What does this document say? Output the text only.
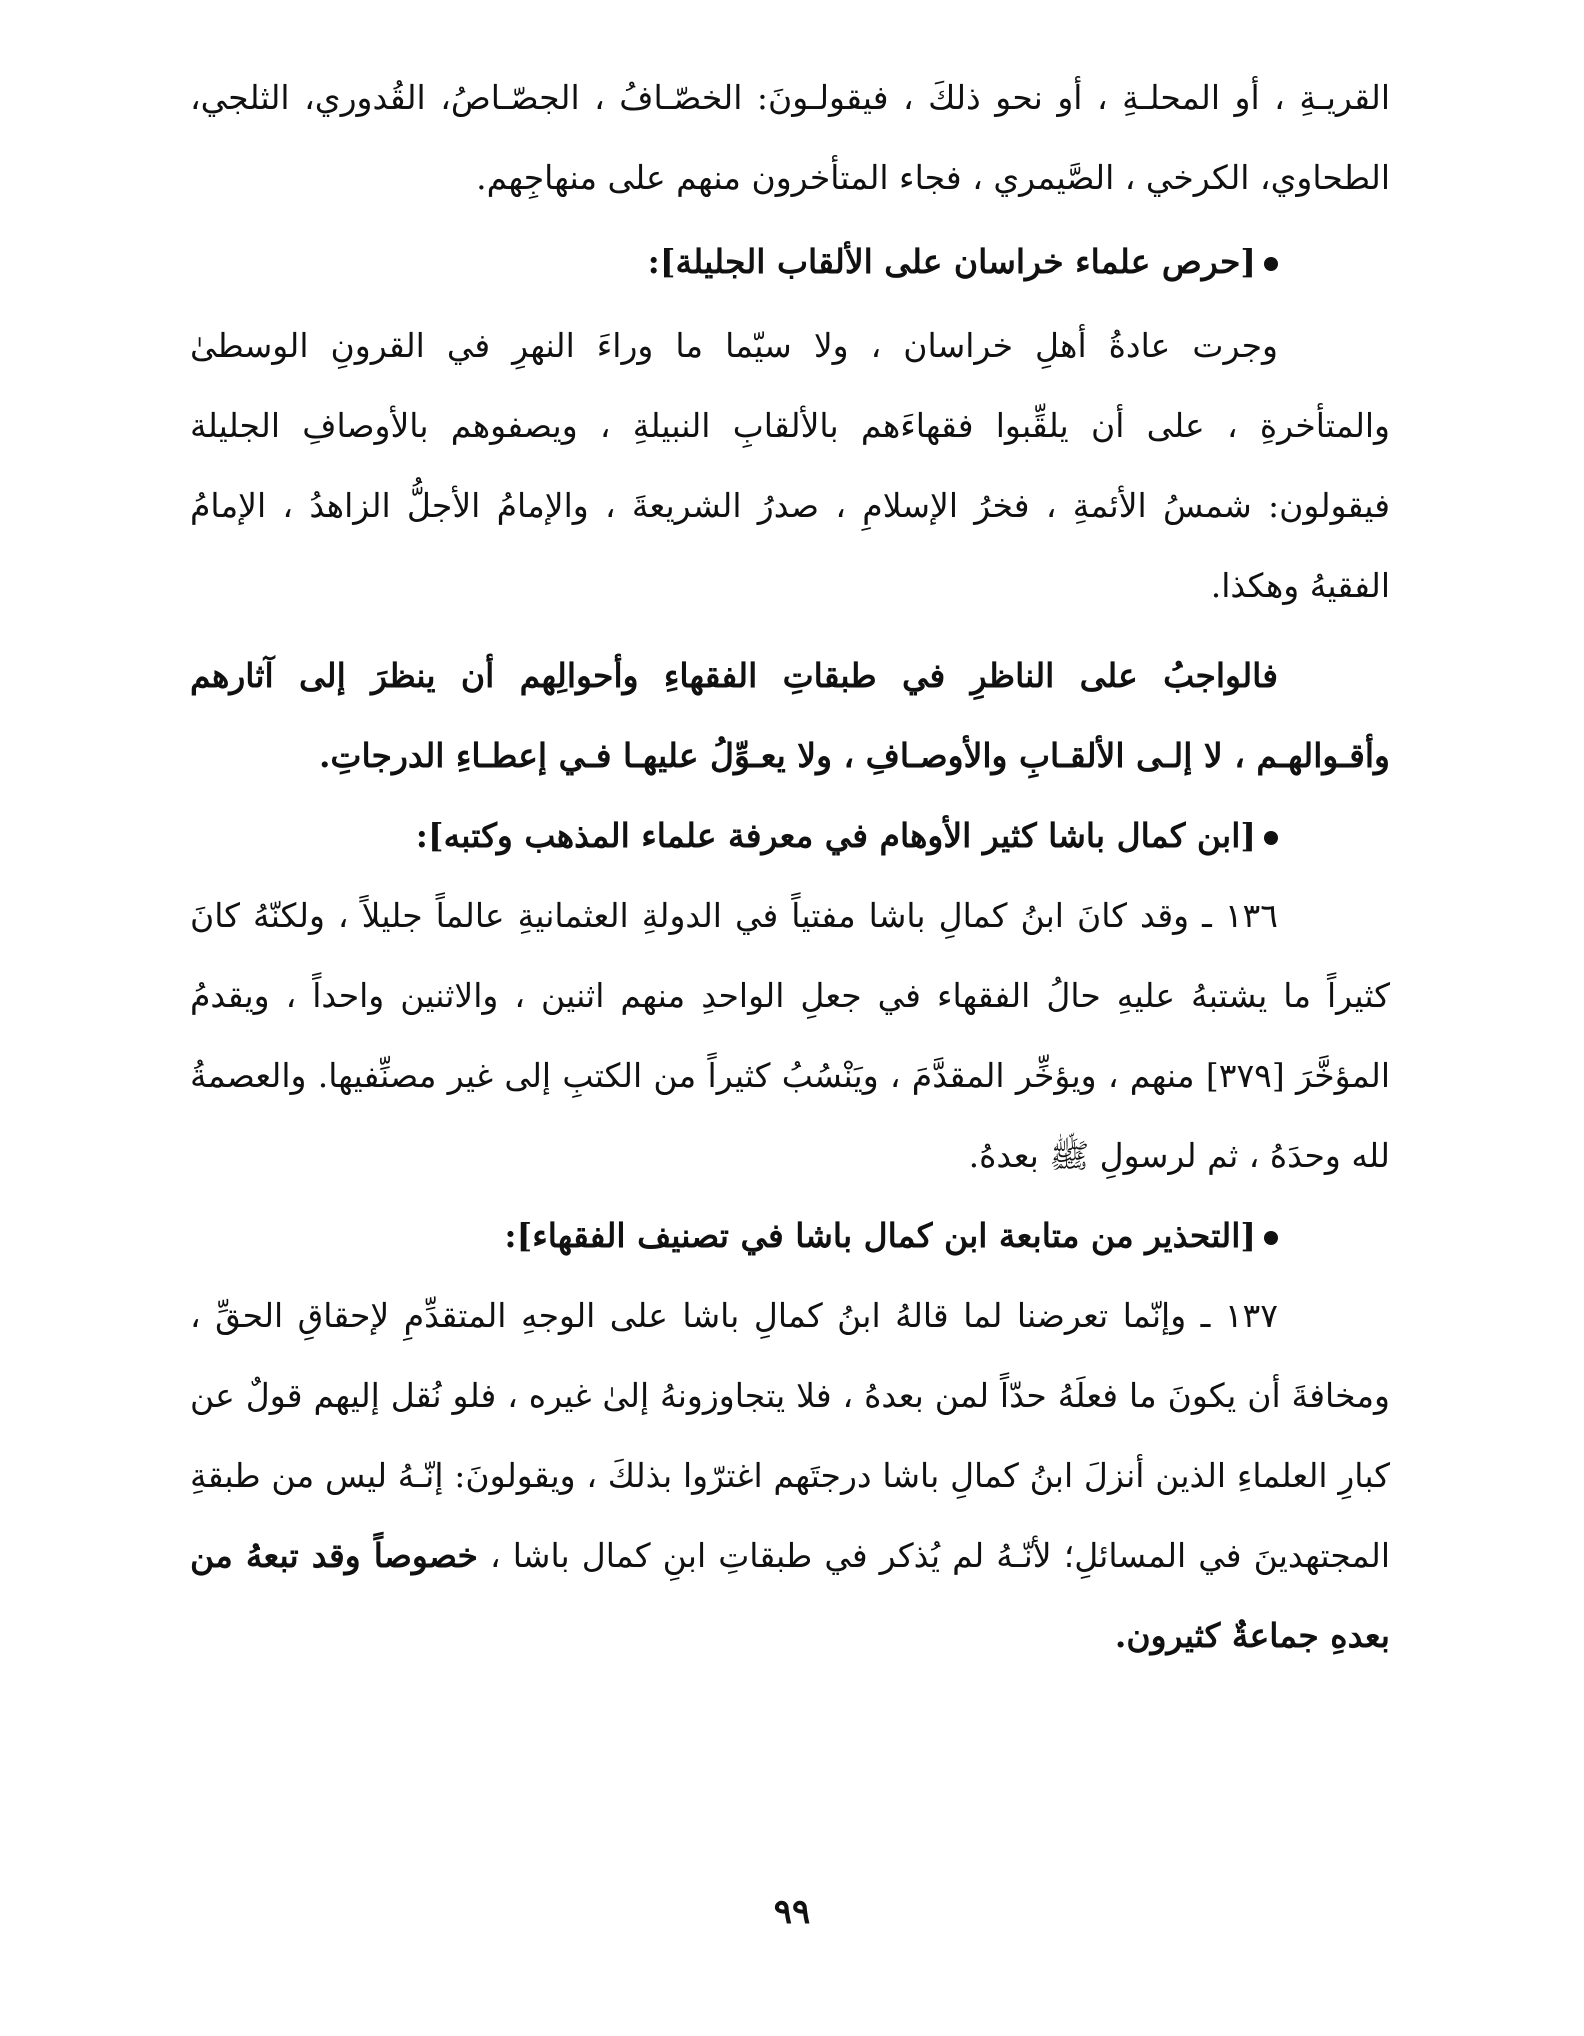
القريـةِ ، أو المحلـةِ ، أو نحو ذلكَ ، فيقولـونَ: الخصّـافُ ، الجصّـاصُ، القُدوري، الثلجي، الطحاوي، الكرخي ، الصَّيمري ، فجاء المتأخرون منهم على منهاجِهم.

[حرص علماء خراسان على الألقاب الجليلة]:

وجرت عادةُ أهلِ خراسان ، ولا سيّما ما وراءَ النهرِ في القرونِ الوسطىٰ والمتأخرةِ ، على أن يلقِّبوا فقهاءَهم بالألقابِ النبيلةِ ، ويصفوهم بالأوصافِ الجليلة فيقولون: شمسُ الأئمةِ ، فخرُ الإسلامِ ، صدرُ الشريعةَ ، والإمامُ الأجلُّ الزاهدُ ، الإمامُ الفقيهُ وهكذا.

فالواجبُ على الناظرِ في طبقاتِ الفقهاءِ وأحوالِهم أن ينظرَ إلى آثارهم وأقـوالهـم ، لا إلـى الألقـابِ والأوصـافِ ، ولا يعـوِّلُ عليهـا فـي إعطـاءِ الدرجاتِ.

[ابن كمال باشا كثير الأوهام في معرفة علماء المذهب وكتبه]:

١٣٦ ـ وقد كانَ ابنُ كمالِ باشا مفتياً في الدولةِ العثمانيةِ عالماً جليلاً ، ولكنّهُ كانَ كثيراً ما يشتبهُ عليهِ حالُ الفقهاء في جعلِ الواحدِ منهم اثنين ، والاثنين واحداً ، ويقدمُ المؤخَّرَ [٣٧٩] منهم ، ويؤخِّر المقدَّمَ ، ويَنْسُبُ كثيراً من الكتبِ إلى غير مصنِّفيها. والعصمةُ لله وحدَهُ ، ثم لرسولِ ﷺ بعدهُ.

[التحذير من متابعة ابن كمال باشا في تصنيف الفقهاء]:

١٣٧ ـ وإنّما تعرضنا لما قالهُ ابنُ كمالِ باشا على الوجهِ المتقدِّمِ لإحقاقِ الحقِّ ، ومخافةَ أن يكونَ ما فعلَهُ حدّاً لمن بعدهُ ، فلا يتجاوزونهُ إلىٰ غيره ، فلو نُقل إليهم قولٌ عن كبارِ العلماءِ الذين أنزلَ ابنُ كمالِ باشا درجتَهم اغترّوا بذلكَ ، ويقولونَ: إنّـهُ ليس من طبقةِ المجتهدينَ في المسائلِ؛ لأنّـهُ لم يُذكر في طبقاتِ ابنِ كمال باشا ، خصوصاً وقد تبعهُ من بعدهِ جماعةٌ كثيرون.

٩٩
